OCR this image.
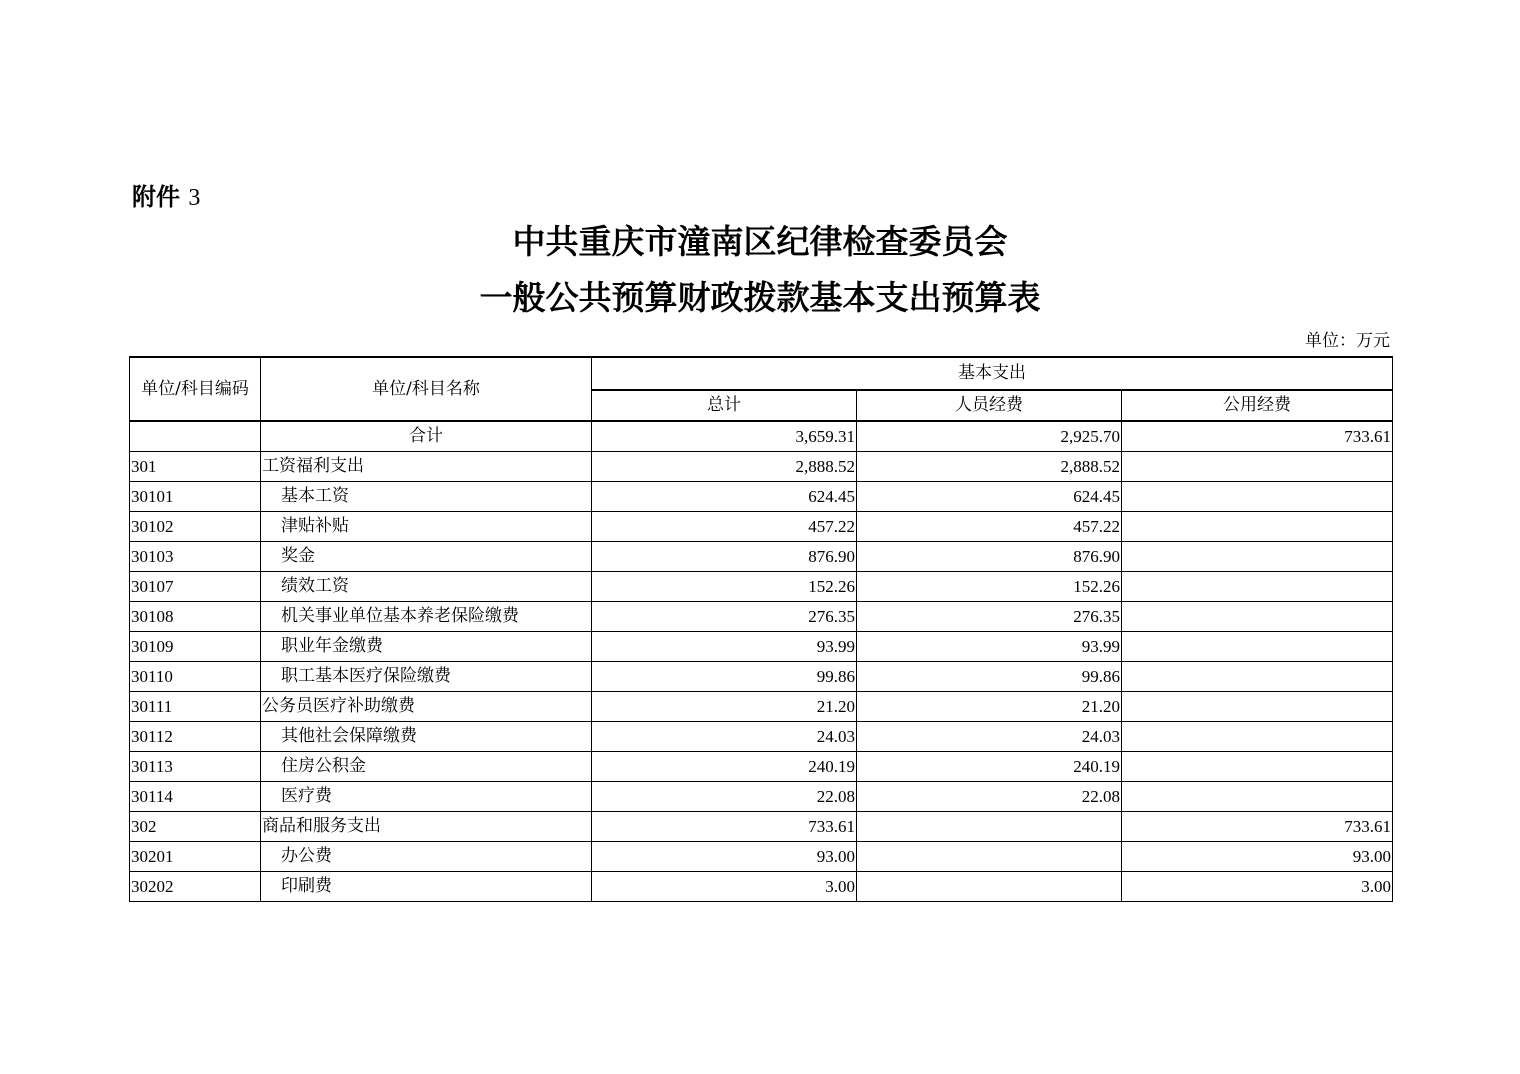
附件 3
中共重庆市潼南区纪律检查委员会
一般公共预算财政拨款基本支出预算表
单位：万元
单位/科目编码	单位/科目名称	基本支出		
		总计	人员经费	公用经费
	合计	3,659.31	2,925.70	733.61
301	工资福利支出	2,888.52	2,888.52	
30101	基本工资	624.45	624.45	
30102	津贴补贴	457.22	457.22	
30103	奖金	876.90	876.90	
30107	绩效工资	152.26	152.26	
30108	机关事业单位基本养老保险缴费	276.35	276.35	
30109	职业年金缴费	93.99	93.99	
30110	职工基本医疗保险缴费	99.86	99.86	
30111	公务员医疗补助缴费	21.20	21.20	
30112	其他社会保障缴费	24.03	24.03	
30113	住房公积金	240.19	240.19	
30114	医疗费	22.08	22.08	
302	商品和服务支出	733.61		733.61
30201	办公费	93.00		93.00
30202	印刷费	3.00		3.00
